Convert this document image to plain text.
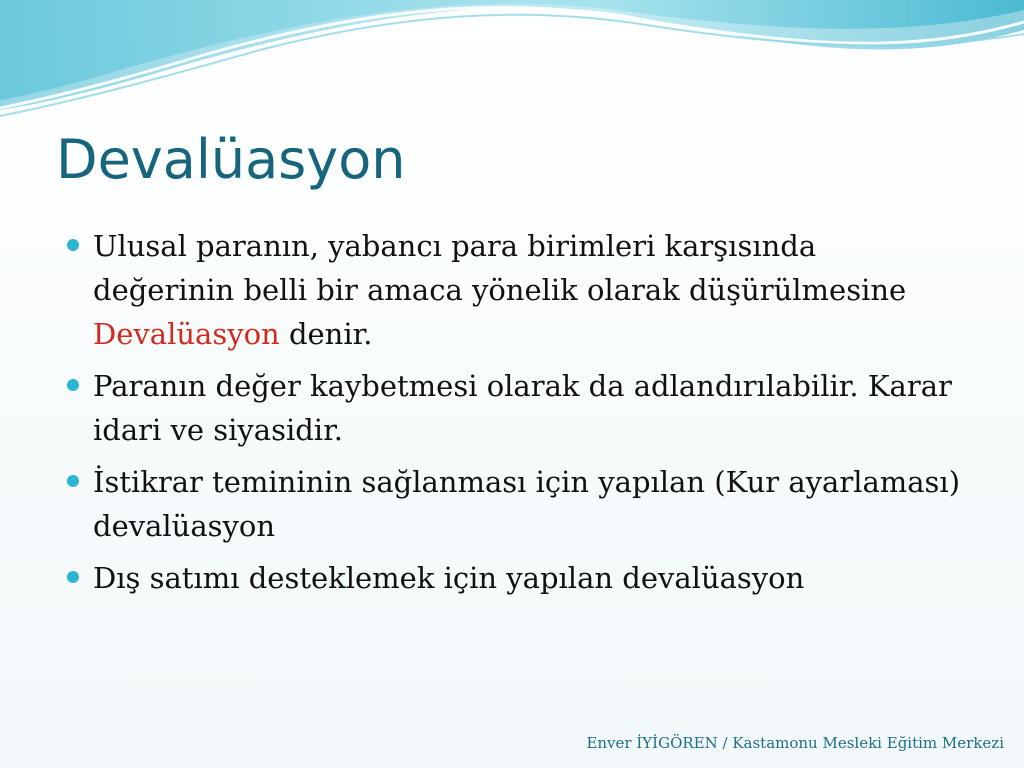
Devalüasyon
Ulusal paranın, yabancı para birimleri karşısında değerinin belli bir amaca yönelik olarak düşürülmesine Devalüasyon denir.
Paranın değer kaybetmesi olarak da adlandırılabilir. Karar idari ve siyasidir.
İstikrar temininin sağlanması için yapılan (Kur ayarlaması) devalüasyon
Dış satımı desteklemek için yapılan devalüasyon
Enver İYİGÖREN / Kastamonu Mesleki Eğitim Merkezi
